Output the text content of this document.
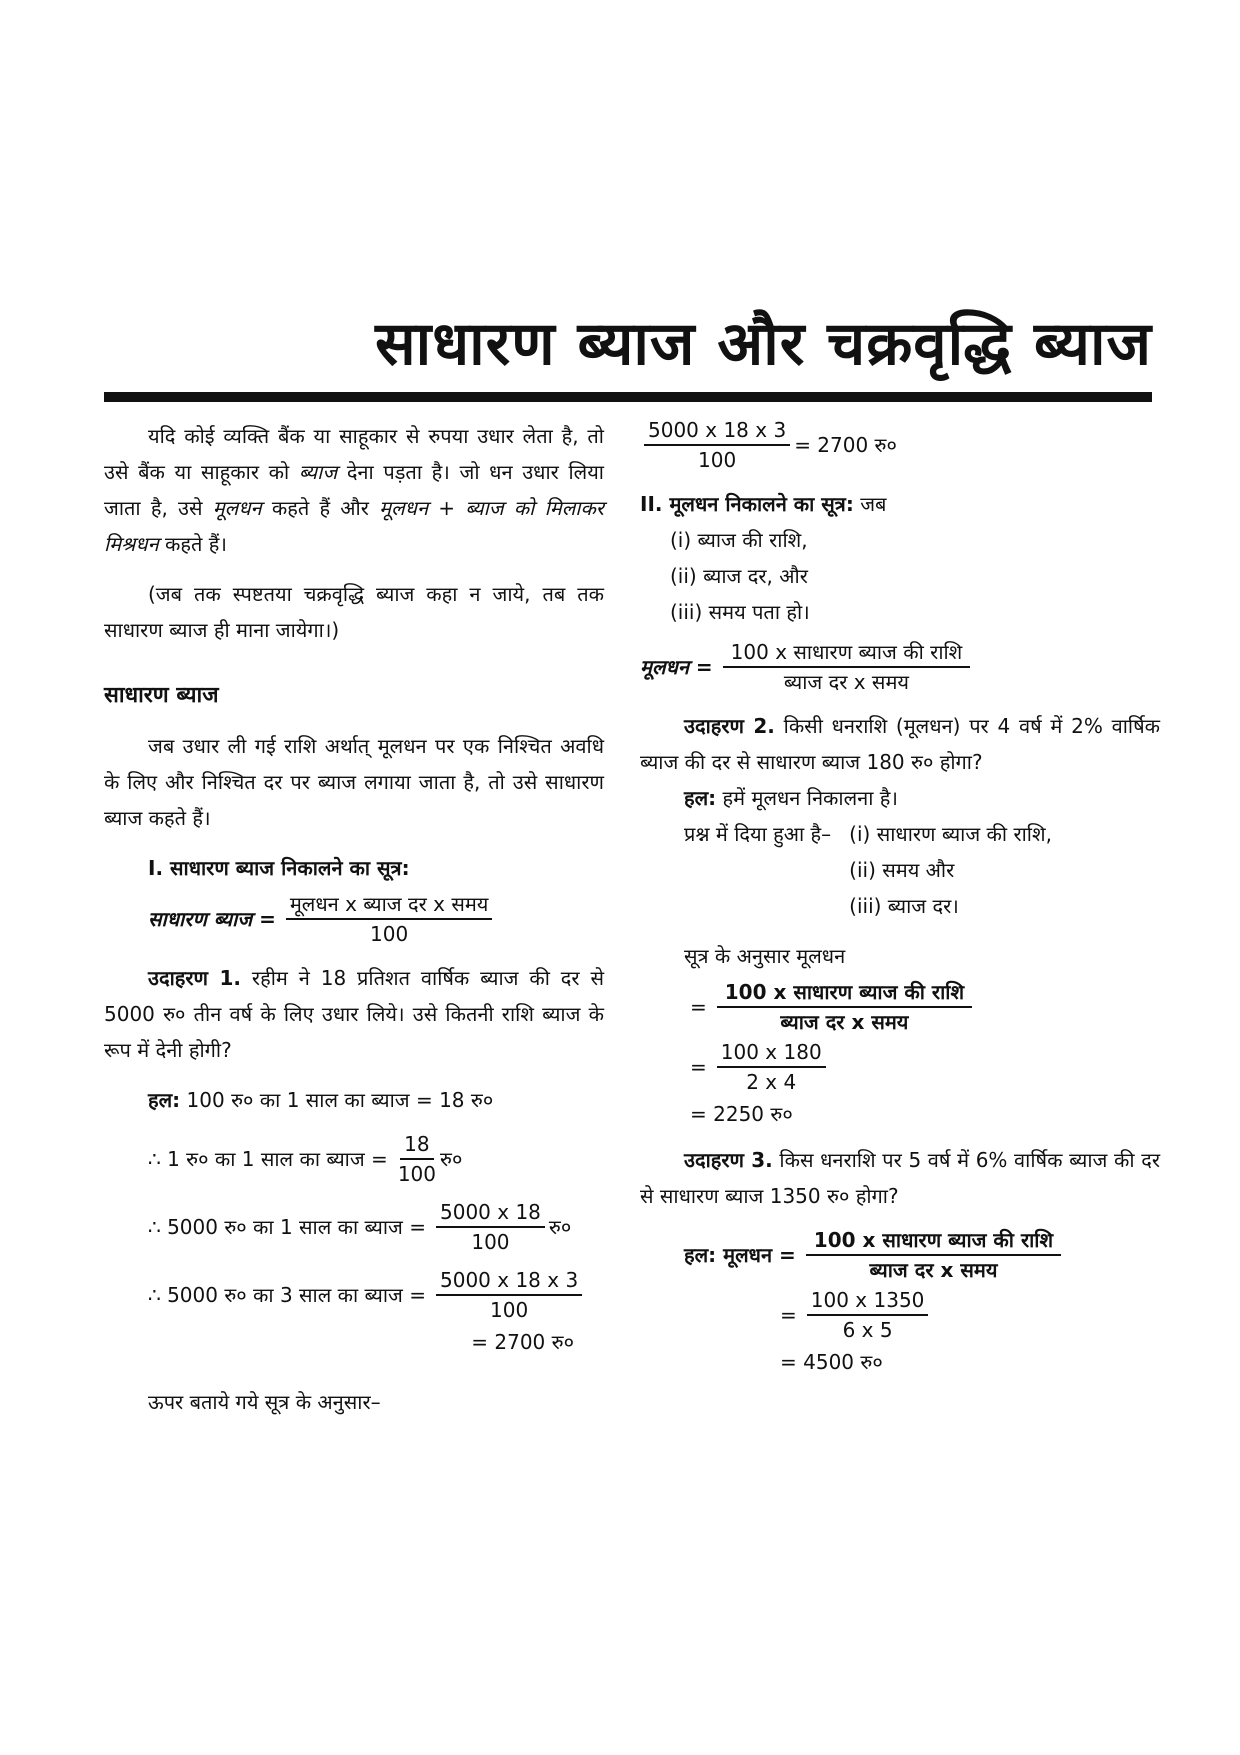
साधारण ब्याज और चक्रवृद्धि ब्याज

यदि कोई व्यक्ति बैंक या साहूकार से रुपया उधार लेता है, तो उसे बैंक या साहूकार को ब्याज देना पड़ता है। जो धन उधार लिया जाता है, उसे मूलधन कहते हैं और मूलधन + ब्याज को मिलाकर मिश्रधन कहते हैं।

(जब तक स्पष्टतया चक्रवृद्धि ब्याज कहा न जाये, तब तक साधारण ब्याज ही माना जायेगा।)

साधारण ब्याज

जब उधार ली गई राशि अर्थात् मूलधन पर एक निश्चित अवधि के लिए और निश्चित दर पर ब्याज लगाया जाता है, तो उसे साधारण ब्याज कहते हैं।

I. साधारण ब्याज निकालने का सूत्र:

साधारण ब्याज = $\frac{\text{मूलधन x ब्याज दर x समय}}{100}$

उदाहरण 1. रहीम ने 18 प्रतिशत वार्षिक ब्याज की दर से 5000 रु० तीन वर्ष के लिए उधार लिये। उसे कितनी राशि ब्याज के रूप में देनी होगी?

हल: 100 रु० का 1 साल का ब्याज = 18 रु०

∴ 1 रु० का 1 साल का ब्याज = $\frac{18}{100}$ रु०
∴ 5000 रु० का 1 साल का ब्याज = $\frac{5000 x 18}{100}$ रु०
∴ 5000 रु० का 3 साल का ब्याज = $\frac{5000 x 18 x 3}{100}$
= 2700 रु०

ऊपर बताये गये सूत्र के अनुसार–

$\frac{5000 x 18 x 3}{100} = 2700$ रु०

II. मूलधन निकालने का सूत्र: जब

(i) ब्याज की राशि,
(ii) ब्याज दर, और
(iii) समय पता हो।
मूलधन = $\frac{\text{100 x साधारण ब्याज की राशि}}{\text{ब्याज दर x समय}}$

उदाहरण 2. किसी धनराशि (मूलधन) पर 4 वर्ष में 2% वार्षिक ब्याज की दर से साधारण ब्याज 180 रु० होगा?

हल: हमें मूलधन निकालना है।

प्रश्न में दिया हुआ है– (i) साधारण ब्याज की राशि,
(ii) समय और
(iii) ब्याज दर।

सूत्र के अनुसार मूलधन

= $\frac{\text{100 x साधारण ब्याज की राशि}}{\text{ब्याज दर x समय}}$
= $\frac{100 x 180}{2 x 4}$
= 2250 रु०

उदाहरण 3. किस धनराशि पर 5 वर्ष में 6% वार्षिक ब्याज की दर से साधारण ब्याज 1350 रु० होगा?

हल: मूलधन = $\frac{\text{100 x साधारण ब्याज की राशि}}{\text{ब्याज दर x समय}}$
= $\frac{100 x 1350}{6 x 5}$
= 4500 रु०
